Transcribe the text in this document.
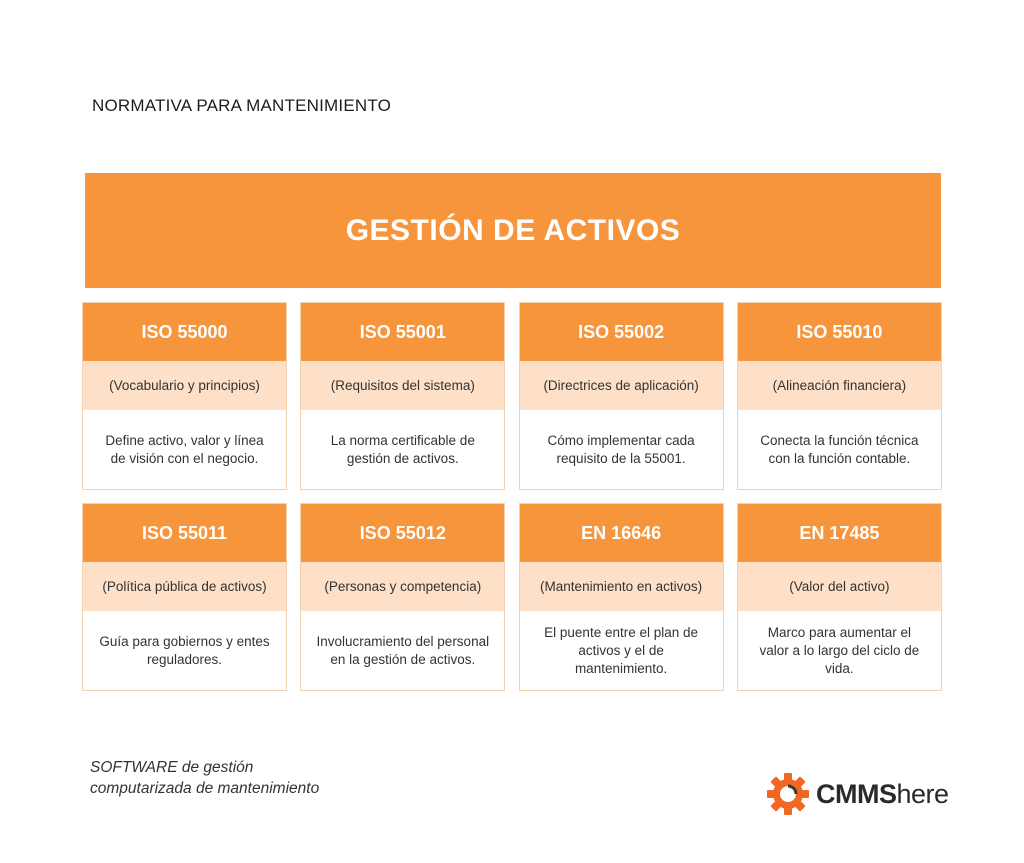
NORMATIVA PARA MANTENIMIENTO
GESTIÓN DE ACTIVOS
ISO 55000
(Vocabulario y principios)
Define activo, valor y línea de visión con el negocio.
ISO 55001
(Requisitos del sistema)
La norma certificable de gestión de activos.
ISO 55002
(Directrices de aplicación)
Cómo implementar cada requisito de la 55001.
ISO 55010
(Alineación financiera)
Conecta la función técnica con la función contable.
ISO 55011
(Política pública de activos)
Guía para gobiernos y entes reguladores.
ISO 55012
(Personas y competencia)
Involucramiento del personal en la gestión de activos.
EN 16646
(Mantenimiento en activos)
El puente entre el plan de activos y el de mantenimiento.
EN 17485
(Valor del activo)
Marco para aumentar el valor a lo largo del ciclo de vida.
SOFTWARE de gestión
computarizada de mantenimiento	CMMShere
